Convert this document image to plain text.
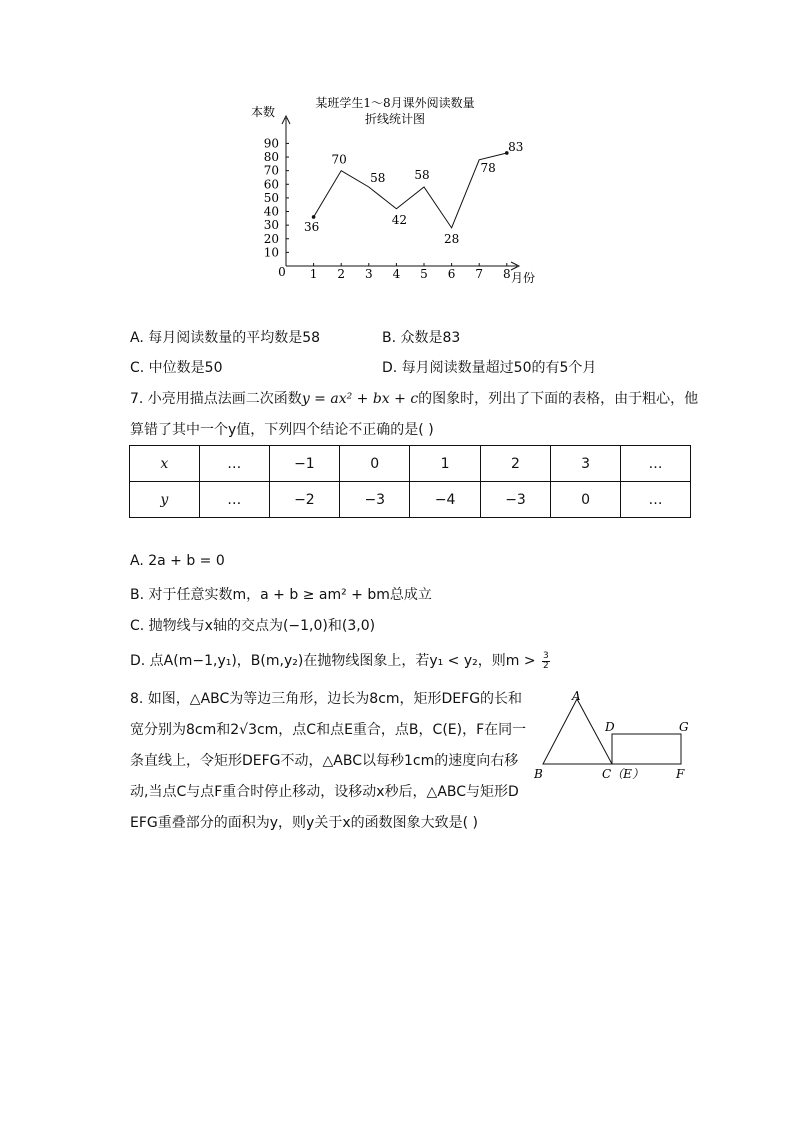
某班学生1～8月课外阅读数量
折线统计图
本数
月份
0 1 2 3 4 5 6 7 8
10
20
30
40
50
60
70
80
90
36
70
58
42
58
28
78
83
A. 每月阅读数量的平均数是58	B. 众数是83
C. 中位数是50	D. 每月阅读数量超过50的有5个月
7. 小亮用描点法画二次函数y = ax² + bx + c的图象时，列出了下面的表格，由于粗心，他
算错了其中一个y值，下列四个结论不正确的是( )
x	…	−1	0	1	2	3	…
y	…	−2	−3	−4	−3	0	…
A. 2a + b = 0
B. 对于任意实数m，a + b ≥ am² + bm总成立
C. 抛物线与x轴的交点为(−1,0)和(3,0)
D. 点A(m−1,y₁)，B(m,y₂)在抛物线图象上，若y₁ < y₂，则$m > \frac{3}{2}$
8. 如图，△ABC为等边三角形，边长为8cm，矩形DEFG的长和
宽分别为8cm和2√3cm，点C和点E重合，点B，C(E)，F在同一
条直线上，令矩形DEFG不动，△ABC以每秒1cm的速度向右移
动,当点C与点F重合时停止移动，设移动x秒后，△ABC与矩形D
EFG重叠部分的面积为y，则y关于x的函数图象大致是( )
A
B	C（E）
D
F
G
